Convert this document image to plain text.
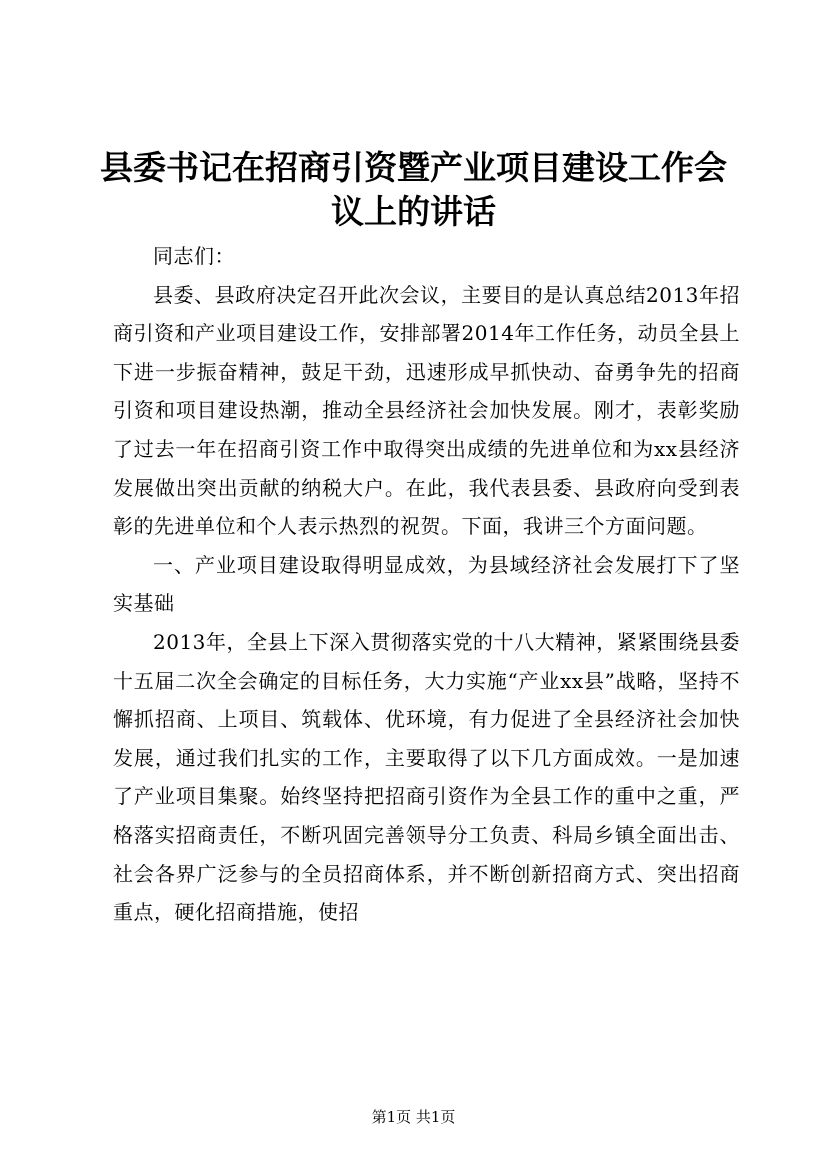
县委书记在招商引资暨产业项目建设工作会议上的讲话

同志们：

县委、县政府决定召开此次会议，主要目的是认真总结2013年招商引资和产业项目建设工作，安排部署2014年工作任务，动员全县上下进一步振奋精神，鼓足干劲，迅速形成早抓快动、奋勇争先的招商引资和项目建设热潮，推动全县经济社会加快发展。刚才，表彰奖励了过去一年在招商引资工作中取得突出成绩的先进单位和为xx县经济发展做出突出贡献的纳税大户。在此，我代表县委、县政府向受到表彰的先进单位和个人表示热烈的祝贺。下面，我讲三个方面问题。

一、产业项目建设取得明显成效，为县域经济社会发展打下了坚实基础

2013年，全县上下深入贯彻落实党的十八大精神，紧紧围绕县委十五届二次全会确定的目标任务，大力实施“产业xx县”战略，坚持不懈抓招商、上项目、筑载体、优环境，有力促进了全县经济社会加快发展，通过我们扎实的工作，主要取得了以下几方面成效。一是加速了产业项目集聚。始终坚持把招商引资作为全县工作的重中之重，严格落实招商责任，不断巩固完善领导分工负责、科局乡镇全面出击、社会各界广泛参与的全员招商体系，并不断创新招商方式、突出招商重点，硬化招商措施，使招

第1页 共1页
